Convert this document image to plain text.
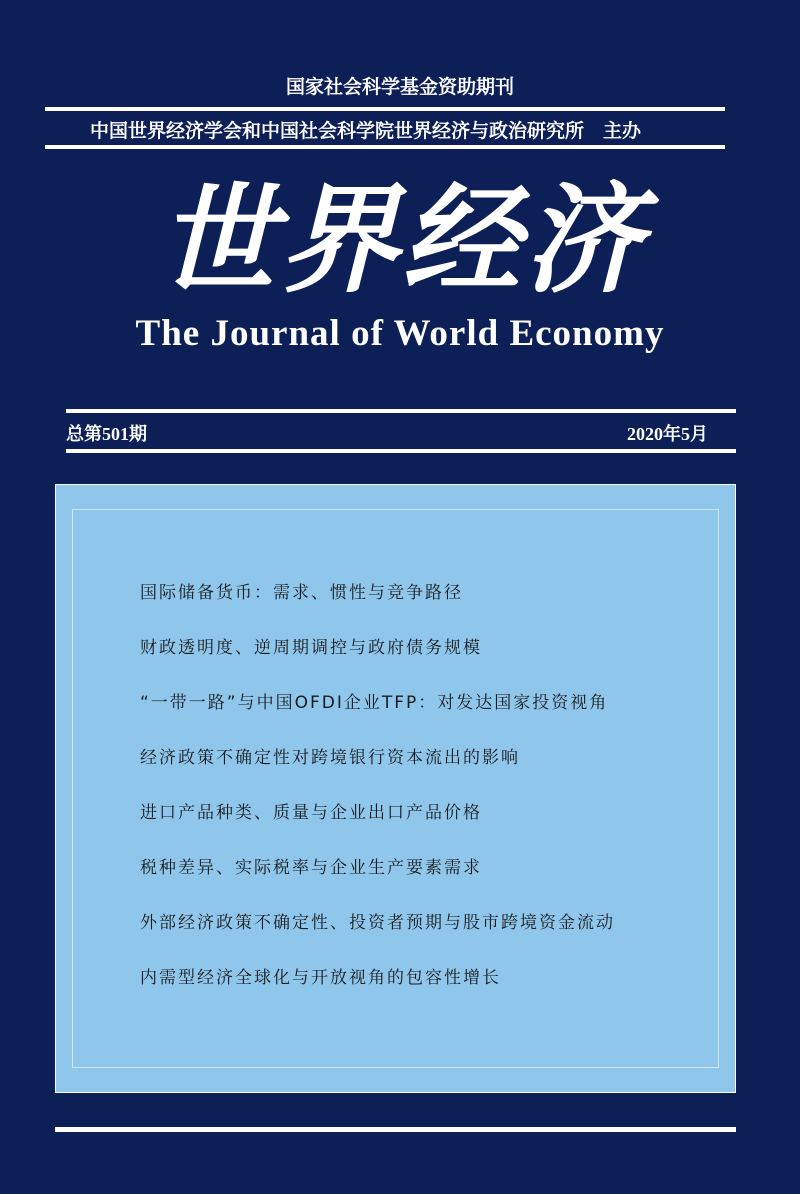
国家社会科学基金资助期刊
中国世界经济学会和中国社会科学院世界经济与政治研究所　主办
世界经济
The Journal of World Economy
总第501期	2020年5月
国际储备货币：需求、惯性与竞争路径
财政透明度、逆周期调控与政府债务规模
“一带一路”与中国OFDI企业TFP：对发达国家投资视角
经济政策不确定性对跨境银行资本流出的影响
进口产品种类、质量与企业出口产品价格
税种差异、实际税率与企业生产要素需求
外部经济政策不确定性、投资者预期与股市跨境资金流动
内需型经济全球化与开放视角的包容性增长
